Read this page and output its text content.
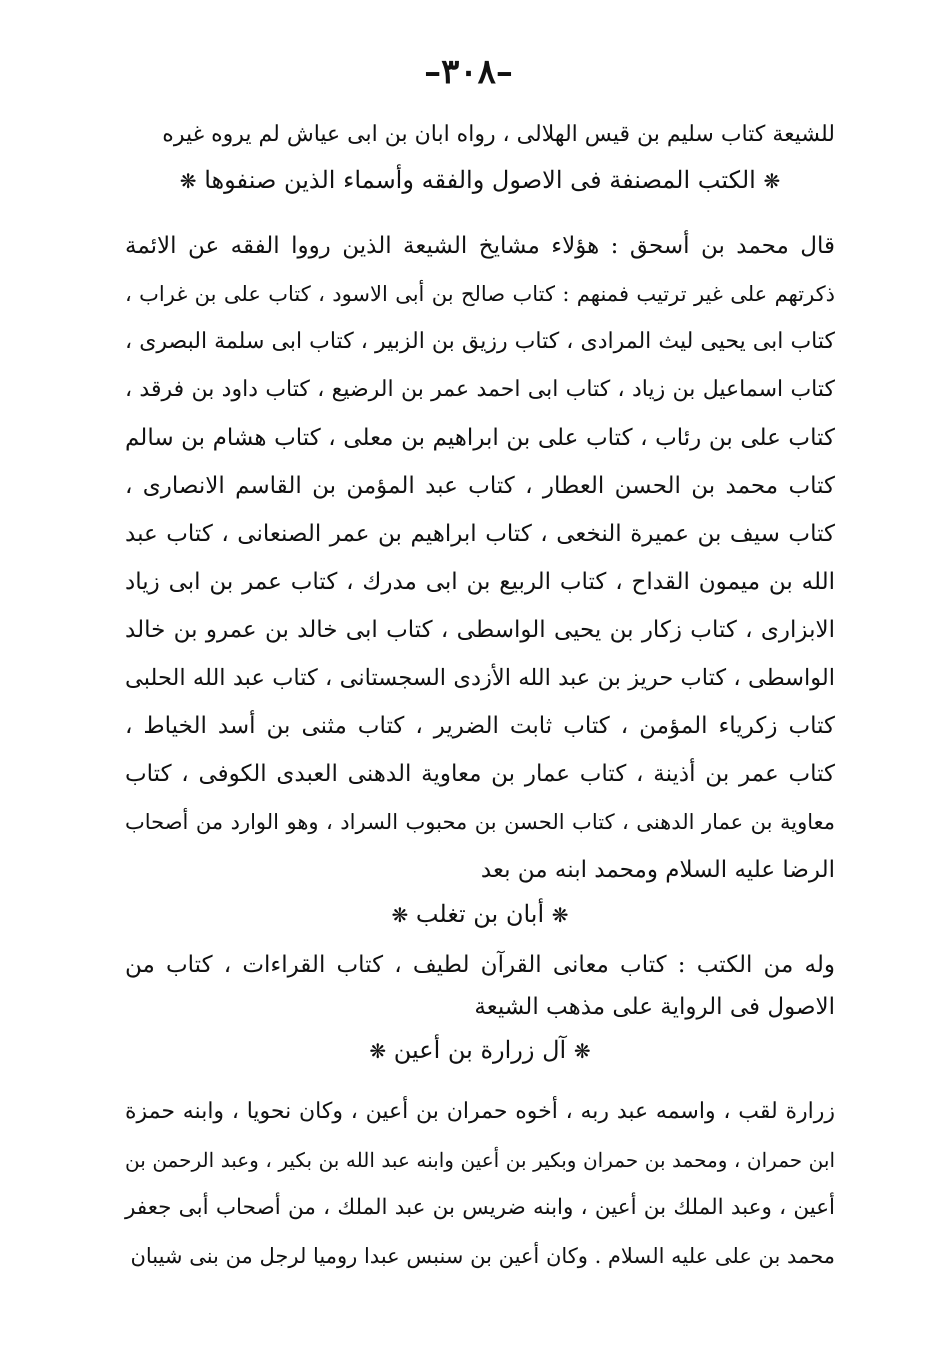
–٣٠٨–
للشيعة كتاب سليم بن قيس الهلالى ، رواه ابان بن ابى عياش لم يروه غيره
❋ الكتب المصنفة فى الاصول والفقه وأسماء الذين صنفوها ❋
قال محمد بن أسحق : هؤلاء مشايخ الشيعة الذين رووا الفقه عن الائمة
ذكرتهم على غير ترتيب فمنهم : كتاب صالح بن أبى الاسود ، كتاب على بن غراب ،
كتاب ابى يحيى ليث المرادى ، كتاب رزيق بن الزبير ، كتاب ابى سلمة البصرى ،
كتاب اسماعيل بن زياد ، كتاب ابى احمد عمر بن الرضيع ، كتاب داود بن فرقد ،
كتاب على بن رئاب ، كتاب على بن ابراهيم بن معلى ، كتاب هشام بن سالم
كتاب محمد بن الحسن العطار ، كتاب عبد المؤمن بن القاسم الانصارى ،
كتاب سيف بن عميرة النخعى ، كتاب ابراهيم بن عمر الصنعانى ، كتاب عبد
الله بن ميمون القداح ، كتاب الربيع بن ابى مدرك ، كتاب عمر بن ابى زياد
الابزارى ، كتاب زكار بن يحيى الواسطى ، كتاب ابى خالد بن عمرو بن خالد
الواسطى ، كتاب حريز بن عبد الله الأزدى السجستانى ، كتاب عبد الله الحلبى
كتاب زكرياء المؤمن ، كتاب ثابت الضرير ، كتاب مثنى بن أسد الخياط ،
كتاب عمر بن أذينة ، كتاب عمار بن معاوية الدهنى العبدى الكوفى ، كتاب
معاوية بن عمار الدهنى ، كتاب الحسن بن محبوب السراد ، وهو الوارد من أصحاب
الرضا عليه السلام ومحمد ابنه من بعد
❋ أبان بن تغلب ❋
وله من الكتب : كتاب معانى القرآن لطيف ، كتاب القراءات ، كتاب من
الاصول فى الرواية على مذهب الشيعة
❋ آل زرارة بن أعين ❋
زرارة لقب ، واسمه عبد ربه ، أخوه حمران بن أعين ، وكان نحويا ، وابنه حمزة
ابن حمران ، ومحمد بن حمران وبكير بن أعين وابنه عبد الله بن بكير ، وعبد الرحمن بن
أعين ، وعبد الملك بن أعين ، وابنه ضريس بن عبد الملك ، من أصحاب أبى جعفر
محمد بن على عليه السلام . وكان أعين بن سنبس عبدا روميا لرجل من بنى شيبان
